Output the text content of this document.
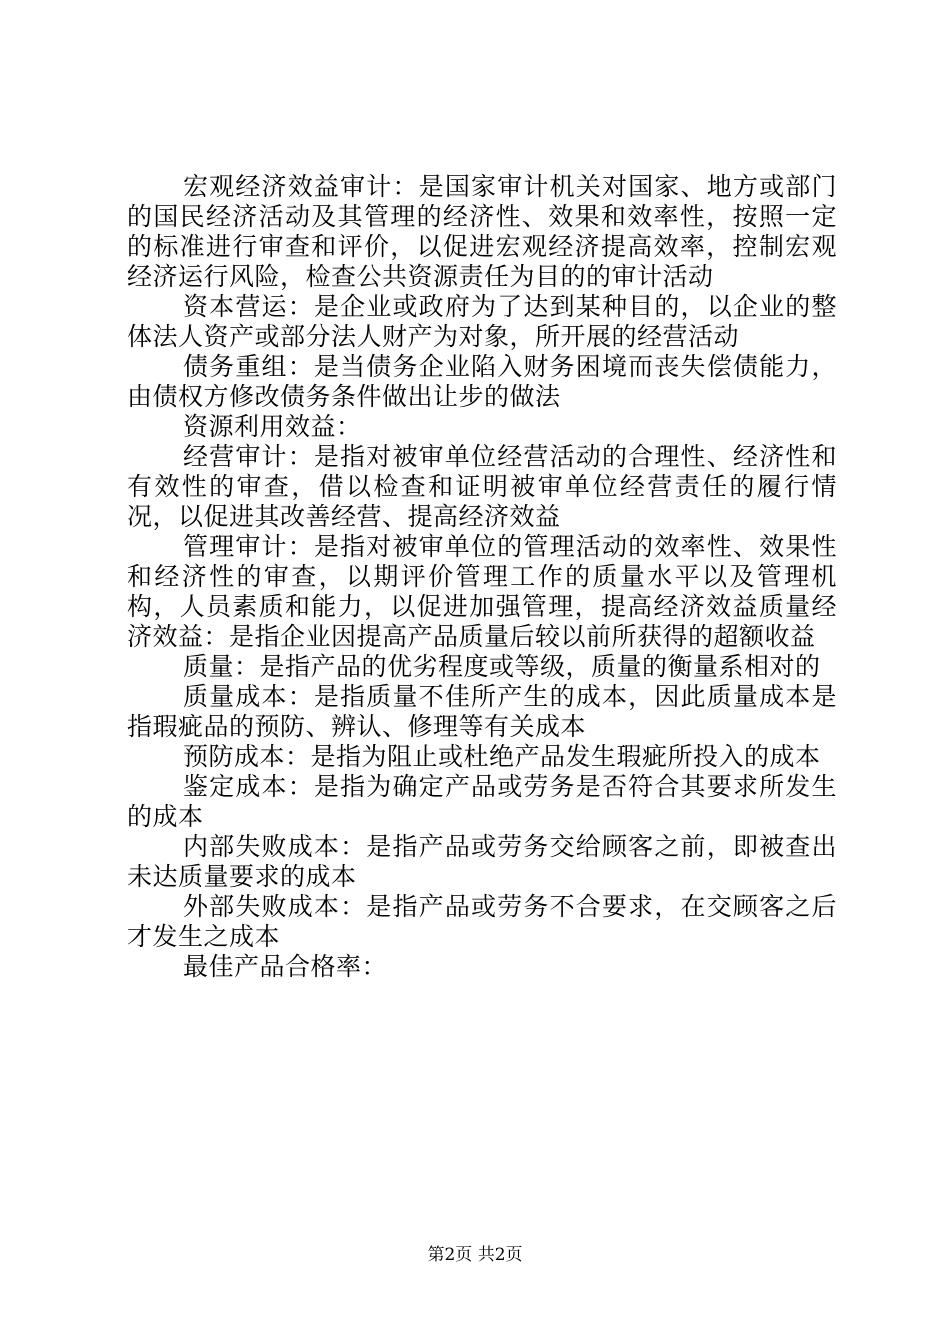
宏观经济效益审计：是国家审计机关对国家、地方或部门的国民经济活动及其管理的经济性、效果和效率性，按照一定的标准进行审查和评价，以促进宏观经济提高效率，控制宏观经济运行风险，检查公共资源责任为目的的审计活动

资本营运：是企业或政府为了达到某种目的，以企业的整体法人资产或部分法人财产为对象，所开展的经营活动

债务重组：是当债务企业陷入财务困境而丧失偿债能力，由债权方修改债务条件做出让步的做法

资源利用效益：

经营审计：是指对被审单位经营活动的合理性、经济性和有效性的审查，借以检查和证明被审单位经营责任的履行情况，以促进其改善经营、提高经济效益

管理审计：是指对被审单位的管理活动的效率性、效果性和经济性的审查，以期评价管理工作的质量水平以及管理机构，人员素质和能力，以促进加强管理，提高经济效益质量经济效益：是指企业因提高产品质量后较以前所获得的超额收益

质量：是指产品的优劣程度或等级，质量的衡量系相对的

质量成本：是指质量不佳所产生的成本，因此质量成本是指瑕疵品的预防、辨认、修理等有关成本

预防成本：是指为阻止或杜绝产品发生瑕疵所投入的成本

鉴定成本：是指为确定产品或劳务是否符合其要求所发生的成本

内部失败成本：是指产品或劳务交给顾客之前，即被查出未达质量要求的成本

外部失败成本：是指产品或劳务不合要求，在交顾客之后才发生之成本

最佳产品合格率：

第2页 共2页
